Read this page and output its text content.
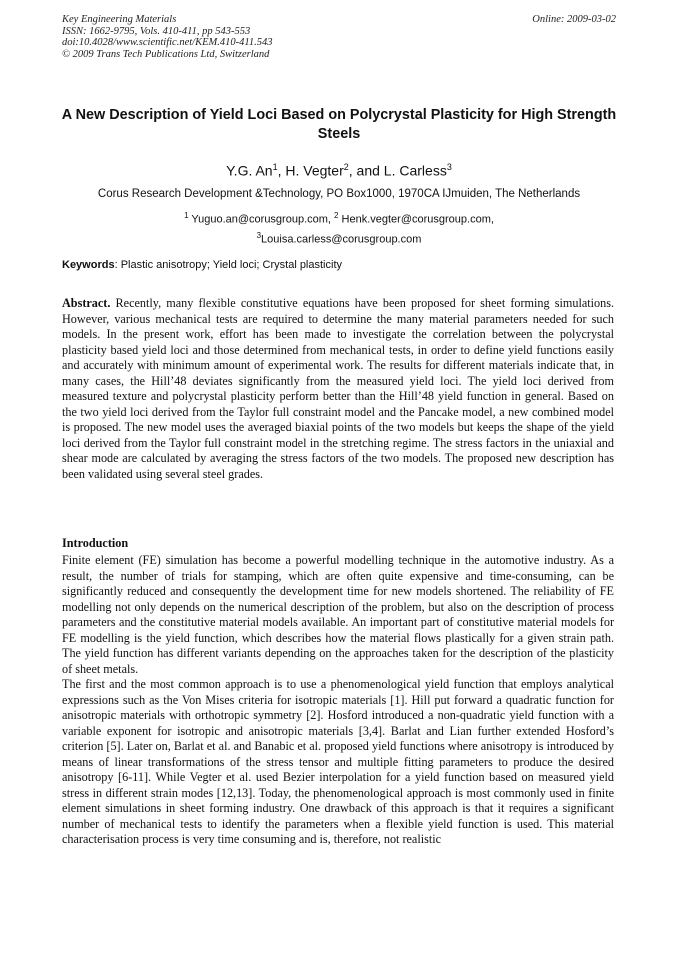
Key Engineering Materials
ISSN: 1662-9795, Vols. 410-411, pp 543-553
doi:10.4028/www.scientific.net/KEM.410-411.543
© 2009 Trans Tech Publications Ltd, Switzerland
Online: 2009-03-02
A New Description of Yield Loci Based on Polycrystal Plasticity for High Strength Steels
Y.G. An$^1$, H. Vegter$^2$, and L. Carless$^3$
Corus Research Development &Technology, PO Box1000, 1970CA IJmuiden, The Netherlands
$^1$ Yuguo.an@corusgroup.com, $^2$ Henk.vegter@corusgroup.com,
$^3$Louisa.carless@corusgroup.com
Keywords: Plastic anisotropy; Yield loci; Crystal plasticity
Abstract. Recently, many flexible constitutive equations have been proposed for sheet forming simulations. However, various mechanical tests are required to determine the many material parameters needed for such models. In the present work, effort has been made to investigate the correlation between the polycrystal plasticity based yield loci and those determined from mechanical tests, in order to define yield functions easily and accurately with minimum amount of experimental work. The results for different materials indicate that, in many cases, the Hill’48 deviates significantly from the measured yield loci. The yield loci derived from measured texture and polycrystal plasticity perform better than the Hill’48 yield function in general. Based on the two yield loci derived from the Taylor full constraint model and the Pancake model, a new combined model is proposed. The new model uses the averaged biaxial points of the two models but keeps the shape of the yield loci derived from the Taylor full constraint model in the stretching regime. The stress factors in the uniaxial and shear mode are calculated by averaging the stress factors of the two models. The proposed new description has been validated using several steel grades.
Introduction

Finite element (FE) simulation has become a powerful modelling technique in the automotive industry. As a result, the number of trials for stamping, which are often quite expensive and time-consuming, can be significantly reduced and consequently the development time for new models shortened. The reliability of FE modelling not only depends on the numerical description of the problem, but also on the description of process parameters and the constitutive material models available. An important part of constitutive material models for FE modelling is the yield function, which describes how the material flows plastically for a given strain path. The yield function has different variants depending on the approaches taken for the description of the plasticity of sheet metals.

The first and the most common approach is to use a phenomenological yield function that employs analytical expressions such as the Von Mises criteria for isotropic materials [1]. Hill put forward a quadratic function for anisotropic materials with orthotropic symmetry [2]. Hosford introduced a non-quadratic yield function with a variable exponent for isotropic and anisotropic materials [3,4]. Barlat and Lian further extended Hosford’s criterion [5]. Later on, Barlat et al. and Banabic et al. proposed yield functions where anisotropy is introduced by means of linear transformations of the stress tensor and multiple fitting parameters to produce the desired anisotropy [6-11]. While Vegter et al. used Bezier interpolation for a yield function based on measured yield stress in different strain modes [12,13]. Today, the phenomenological approach is most commonly used in finite element simulations in sheet forming industry. One drawback of this approach is that it requires a significant number of mechanical tests to identify the parameters when a flexible yield function is used. This material characterisation process is very time consuming and is, therefore, not realistic
